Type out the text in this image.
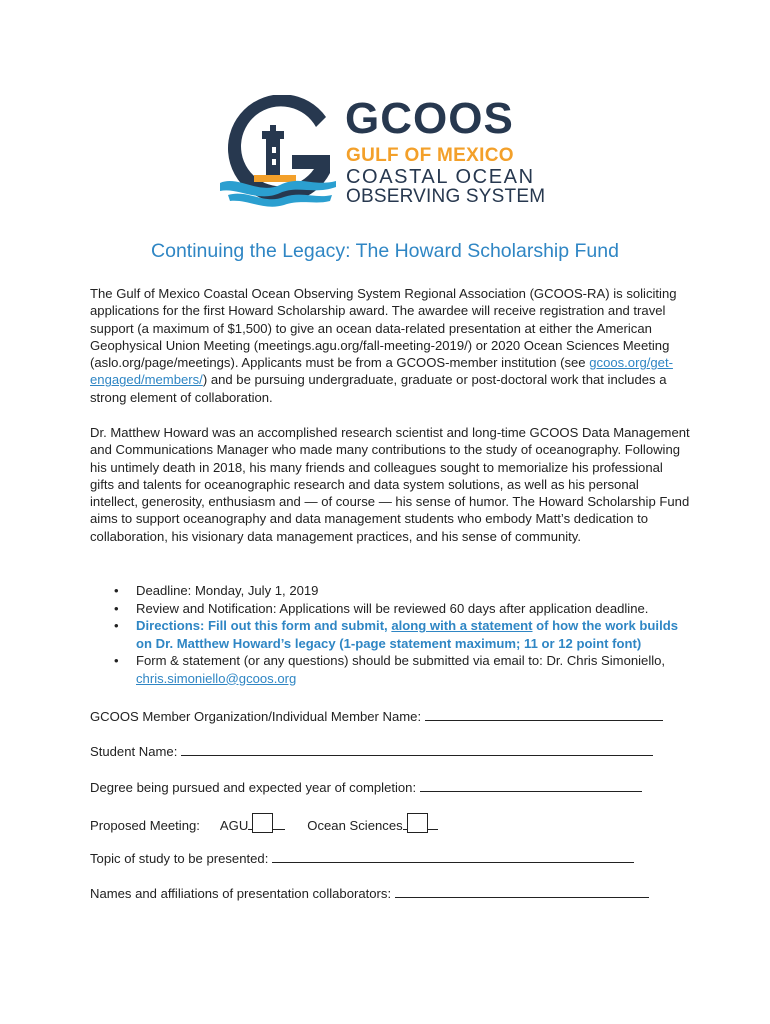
GCOOS
GULF OF MEXICO
COASTAL OCEAN
OBSERVING SYSTEM
Continuing the Legacy: The Howard Scholarship Fund

The Gulf of Mexico Coastal Ocean Observing System Regional Association (GCOOS-RA) is soliciting applications for the first Howard Scholarship award. The awardee will receive registration and travel support (a maximum of $1,500) to give an ocean data-related presentation at either the American Geophysical Union Meeting (meetings.agu.org/fall-meeting-2019/) or 2020 Ocean Sciences Meeting (aslo.org/page/meetings). Applicants must be from a GCOOS-member institution (see gcoos.org/get-engaged/members/) and be pursuing undergraduate, graduate or post-doctoral work that includes a strong element of collaboration.

Dr. Matthew Howard was an accomplished research scientist and long-time GCOOS Data Management and Communications Manager who made many contributions to the study of oceanography. Following his untimely death in 2018, his many friends and colleagues sought to memorialize his professional gifts and talents for oceanographic research and data system solutions, as well as his personal intellect, generosity, enthusiasm and — of course — his sense of humor. The Howard Scholarship Fund aims to support oceanography and data management students who embody Matt’s dedication to collaboration, his visionary data management practices, and his sense of community.

• Deadline: Monday, July 1, 2019
• Review and Notification: Applications will be reviewed 60 days after application deadline.
• Directions: Fill out this form and submit, along with a statement of how the work builds on Dr. Matthew Howard’s legacy (1-page statement maximum; 11 or 12 point font)
• Form & statement (or any questions) should be submitted via email to: Dr. Chris Simoniello, chris.simoniello@gcoos.org
GCOOS Member Organization/Individual Member Name:
Student Name:
Degree being pursued and expected year of completion:
Proposed Meeting: AGU	Ocean Sciences
Topic of study to be presented:
Names and affiliations of presentation collaborators:
